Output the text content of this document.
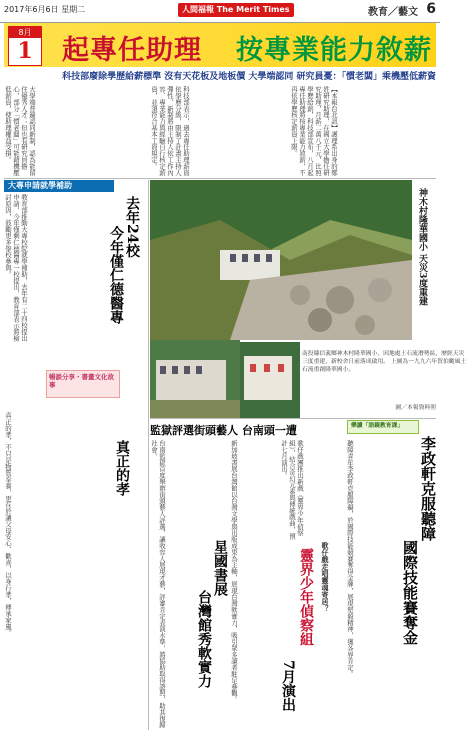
2017年6月6日 星期二	人間福報 The Merit Times	教育／藝文 6
8月
1	起專任助理 按專業能力敘薪
科技部廢除學歷給薪標準 沒有天花板及地板價 大學端認同 研究員憂：「慣老闆」乘機壓低薪資
【本報台北訊】護理系出身的鄭姓研究助理，在國立大學擔任研究助理，月薪二萬八千元，比照學歷給薪，科技部宣布，八月起專任助理將按專業能力敘薪，不再依學歷核定薪資上限。
科技部表示，過去專任助理薪資依學歷分級，限制了計畫主持人彈性，新制將由主持人依工作內容、專業能力與經驗自行核定薪資，並須符合基本工資規定。
大學端普遍認同新制，認為能留住優秀人才；但也有研究員擔心，部分「慣老闆」可能藉機壓低薪資，使助理權益受損。
大專申請就學補助
去年24校
今年僅仁德醫專
教育部推動大專校院就學補助，去年有二十四校提出申請，今年僅剩仁德醫專一校提出，教育部表示將檢討原因，鼓勵更多學校參與。	神木村隆華國小 天災3度重建
南投縣信義鄉神木村隆華國小，因地處土石流潛勢區，歷經天災三度重建，新校舍日前落成啟用。 上圖為一九九六年賀伯颱風土石流重創隆華國小。
圖／本報資料照
暢談分享・書畫文化故事
樂讀「語鏡教育課」
監獄評選街頭藝人 台南頭一遭
真正的孝
真正的孝，不只是物質奉養，更在於讓父母安心、歡喜，以身行孝，傳承家風。	台南監獄首度舉辦街頭藝人評選，讓收容人展現才藝，評審肯定表演水準，將協助取得證照，助其復歸社會。
星國書展
台灣館秀軟實力	新加坡書展台灣館以台灣文學與出版成果為主軸，展現台灣軟實力，吸引眾多讀者駐足參觀。	歌仔戲走唱靈魂寄居？
靈界少年偵察組
7月演出
歌仔戲團推出新戲《靈界少年偵察組》，結合奇幻元素與傳統戲曲，預計七月演出。	李政軒克服聽障
國際技能賽奪金
聽障青年李政軒克服障礙，於國際技能競賽奪得金牌，展現堅毅精神，獲各界肯定。
